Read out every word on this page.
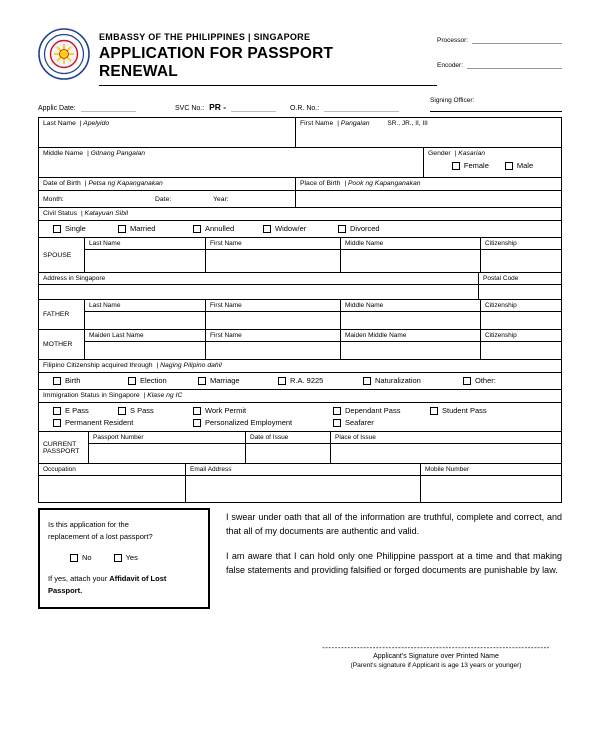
EMBASSY OF THE PHILIPPINES | SINGAPORE
APPLICATION FOR PASSPORT RENEWAL
Processor:
Encoder:
Applic Date:	SVC No.: PR -	O.R. No.:
Signing Officer:
Last Name | Apelyido	First Name | Pangalan	SR., JR., II, III
Middle Name | Gitnang Pangalan	Gender | Kasarian
Female	Male
Date of Birth | Petsa ng Kapanganakan	Place of Birth | Pook ng Kapanganakan
Month:	Date:	Year:
Civil Status | Katayuan Sibil
Single	Married	Annulled	Widow/er	Divorced
SPOUSE
Last Name	First Name	Middle Name	Citizenship
Address in Singapore	Postal Code
FATHER
Last Name	First Name	Middle Name	Citizenship
MOTHER
Maiden Last Name	First Name	Maiden Middle Name	Citizenship
Filipino Citizenship acquired through | Naging Pilipino dahil
Birth	Election	Marriage	R.A. 9225	Naturalization	Other:
Immigration Status in Singapore | Klase ng IC
E Pass	S Pass	Work Permit	Dependant Pass	Student Pass
Permanent Resident	Personalized Employment	Seafarer
CURRENT PASSPORT
Passport Number	Date of Issue	Place of Issue
Occupation	Email Address	Mobile Number
Is this application for the
replacement of a lost passport?
No	Yes
If yes, attach your Affidavit of Lost Passport.

I swear under oath that all of the information are truthful, complete and correct, and that all of my documents are authentic and valid.

I am aware that I can hold only one Philippine passport at a time and that making false statements and providing falsified or forged documents are punishable by law.

------------------------------------------------------------------------
Applicant's Signature over Printed Name
(Parent's signature if Applicant is age 13 years or younger)
